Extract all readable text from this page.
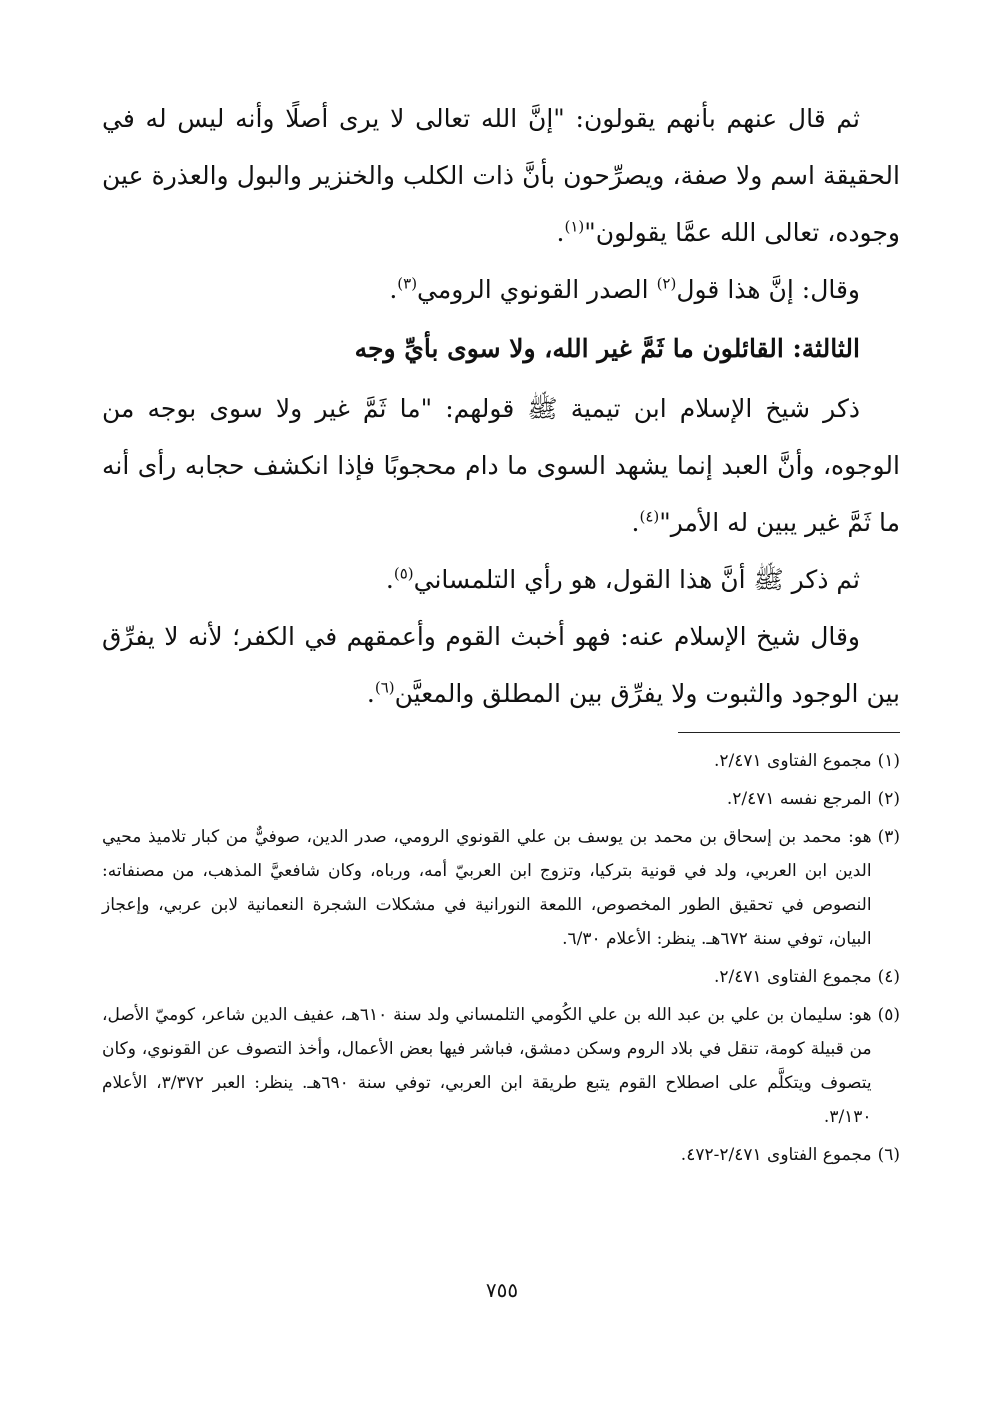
ثم قال عنهم بأنهم يقولون: "إنَّ الله تعالى لا يرى أصلًا وأنه ليس له في الحقيقة اسم ولا صفة، ويصرِّحون بأنَّ ذات الكلب والخنزير والبول والعذرة عين وجوده، تعالى الله عمَّا يقولون"$^{(١)}$.

وقال: إنَّ هذا قول$^{(٢)}$ الصدر القونوي الرومي$^{(٣)}$.

الثالثة: القائلون ما ثَمَّ غير الله، ولا سوى بأيِّ وجه

ذكر شيخ الإسلام ابن تيمية ﷺ قولهم: "ما ثَمَّ غير ولا سوى بوجه من الوجوه، وأنَّ العبد إنما يشهد السوى ما دام محجوبًا فإذا انكشف حجابه رأى أنه ما ثَمَّ غير يبين له الأمر"$^{(٤)}$.

ثم ذكر ﷺ أنَّ هذا القول، هو رأي التلمساني$^{(٥)}$.

وقال شيخ الإسلام عنه: فهو أخبث القوم وأعمقهم في الكفر؛ لأنه لا يفرِّق بين الوجود والثبوت ولا يفرِّق بين المطلق والمعيَّن$^{(٦)}$.

(١)
مجموع الفتاوى ٢/٤٧١.

(٢)
المرجع نفسه ٢/٤٧١.

(٣)
هو: محمد بن إسحاق بن محمد بن يوسف بن علي القونوي الرومي، صدر الدين، صوفيٌّ من كبار تلاميذ محيي الدين ابن العربي، ولد في قونية بتركيا، وتزوج ابن العربيّ أمه، ورباه، وكان شافعيَّ المذهب، من مصنفاته: النصوص في تحقيق الطور المخصوص، اللمعة النورانية في مشكلات الشجرة النعمانية لابن عربي، وإعجاز البيان، توفي سنة ٦٧٢هـ. ينظر: الأعلام ٦/٣٠.

(٤)
مجموع الفتاوى ٢/٤٧١.

(٥)
هو: سليمان بن علي بن عبد الله بن علي الكُومي التلمساني ولد سنة ٦١٠هـ، عفيف الدين شاعر، كوميّ الأصل، من قبيلة كومة، تنقل في بلاد الروم وسكن دمشق، فباشر فيها بعض الأعمال، وأخذ التصوف عن القونوي، وكان يتصوف ويتكلَّم على اصطلاح القوم يتبع طريقة ابن العربي، توفي سنة ٦٩٠هـ. ينظر: العبر ٣/٣٧٢، الأعلام ٣/١٣٠.

(٦)
مجموع الفتاوى ٢/٤٧١-٤٧٢.

٧٥٥
